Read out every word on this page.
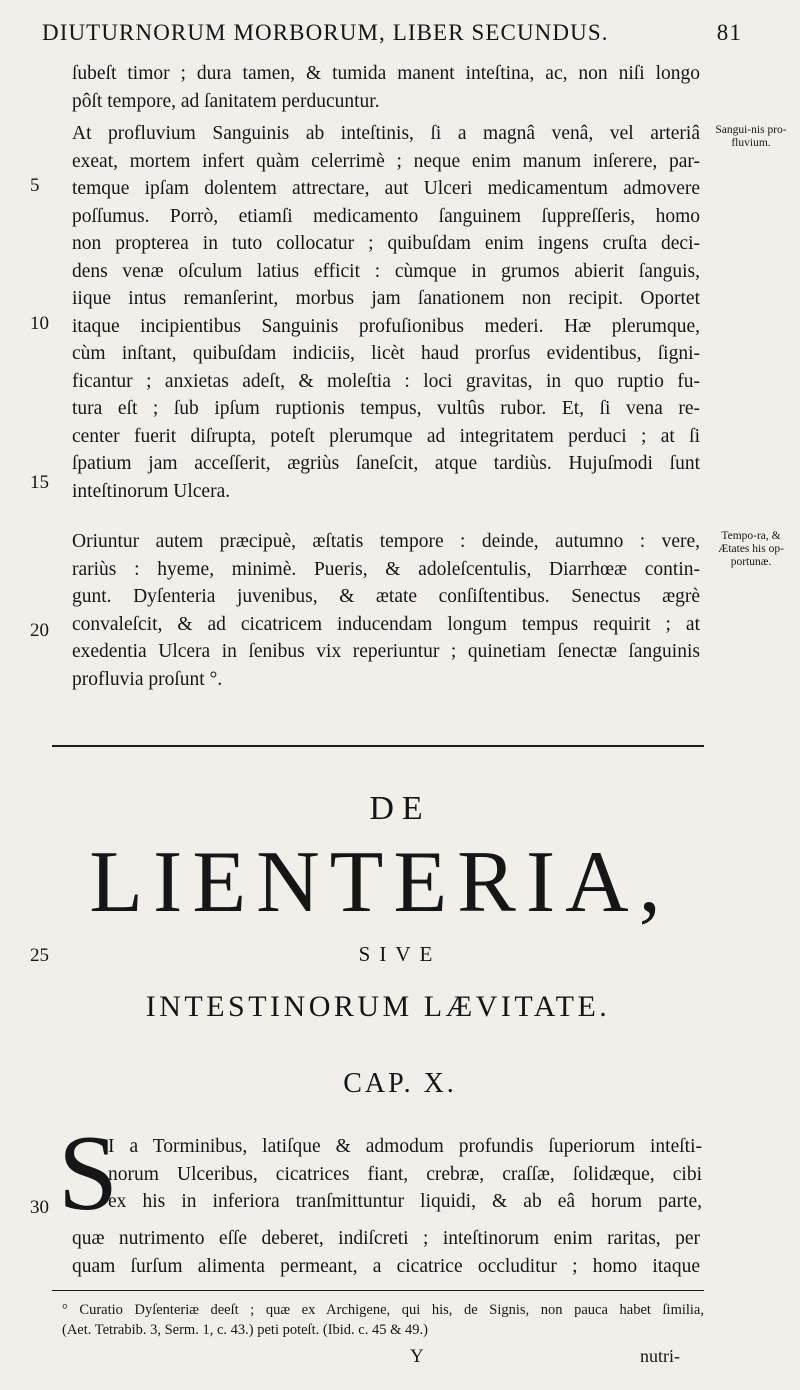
DIUTURNORUM MORBORUM, LIBER SECUNDUS.	81
ſubeſt timor ; dura tamen, & tumida manent inteſtina, ac, non niſi longo
pôſt tempore, ad ſanitatem perducuntur.
At profluvium Sanguinis ab inteſtinis, ſi a magnâ venâ, vel arteriâ
exeat, mortem infert quàm celerrimè ; neque enim manum inſerere, par-
temque ipſam dolentem attrectare, aut Ulceri medicamentum admovere
poſſumus. Porrò, etiamſi medicamento ſanguinem ſuppreſſeris, homo
non propterea in tuto collocatur ; quibuſdam enim ingens cruſta deci-
dens venæ oſculum latius efficit : cùmque in grumos abierit ſanguis,
iique intus remanſerint, morbus jam ſanationem non recipit. Oportet
itaque incipientibus Sanguinis profuſionibus mederi. Hæ plerumque,
cùm inſtant, quibuſdam indiciis, licèt haud prorſus evidentibus, ſigni-
ficantur ; anxietas adeſt, & moleſtia : loci gravitas, in quo ruptio fu-
tura eſt ; ſub ipſum ruptionis tempus, vultûs rubor. Et, ſi vena re-
center fuerit diſrupta, poteſt plerumque ad integritatem perduci ; at ſi
ſpatium jam acceſſerit, ægriùs ſaneſcit, atque tardiùs. Hujuſmodi ſunt
inteſtinorum Ulcera.
Oriuntur autem præcipuè, æſtatis tempore : deinde, autumno : vere,
rariùs : hyeme, minimè. Pueris, & adoleſcentulis, Diarrhœæ contin-
gunt. Dyſenteria juvenibus, & ætate conſiſtentibus. Senectus ægrè
convaleſcit, & ad cicatricem inducendam longum tempus requirit ; at
exedentia Ulcera in ſenibus vix reperiuntur ; quinetiam ſenectæ ſanguinis
profluvia proſunt °.
5
10
15
20
25
30
Sangui-nis pro-fluvium.
Tempo-ra, & Ætates his op-portunæ.
DE
LIENTERIA,
SIVE
INTESTINORUM LÆVITATE.
CAP. X.
S
I a Torminibus, latiſque & admodum profundis ſuperiorum inteſti-
norum Ulceribus, cicatrices fiant, crebræ, craſſæ, ſolidæque, cibi
ex his in inferiora tranſmittuntur liquidi, & ab eâ horum parte,
quæ nutrimento eſſe deberet, indiſcreti ; inteſtinorum enim raritas, per
quam ſurſum alimenta permeant, a cicatrice occluditur ; homo itaque
° Curatio Dyſenteriæ deeſt ; quæ ex Archigene, qui his, de Signis, non pauca habet ſimilia,
(Aet. Tetrabib. 3, Serm. 1, c. 43.) peti poteſt. (Ibid. c. 45 & 49.)
Y	nutri-
